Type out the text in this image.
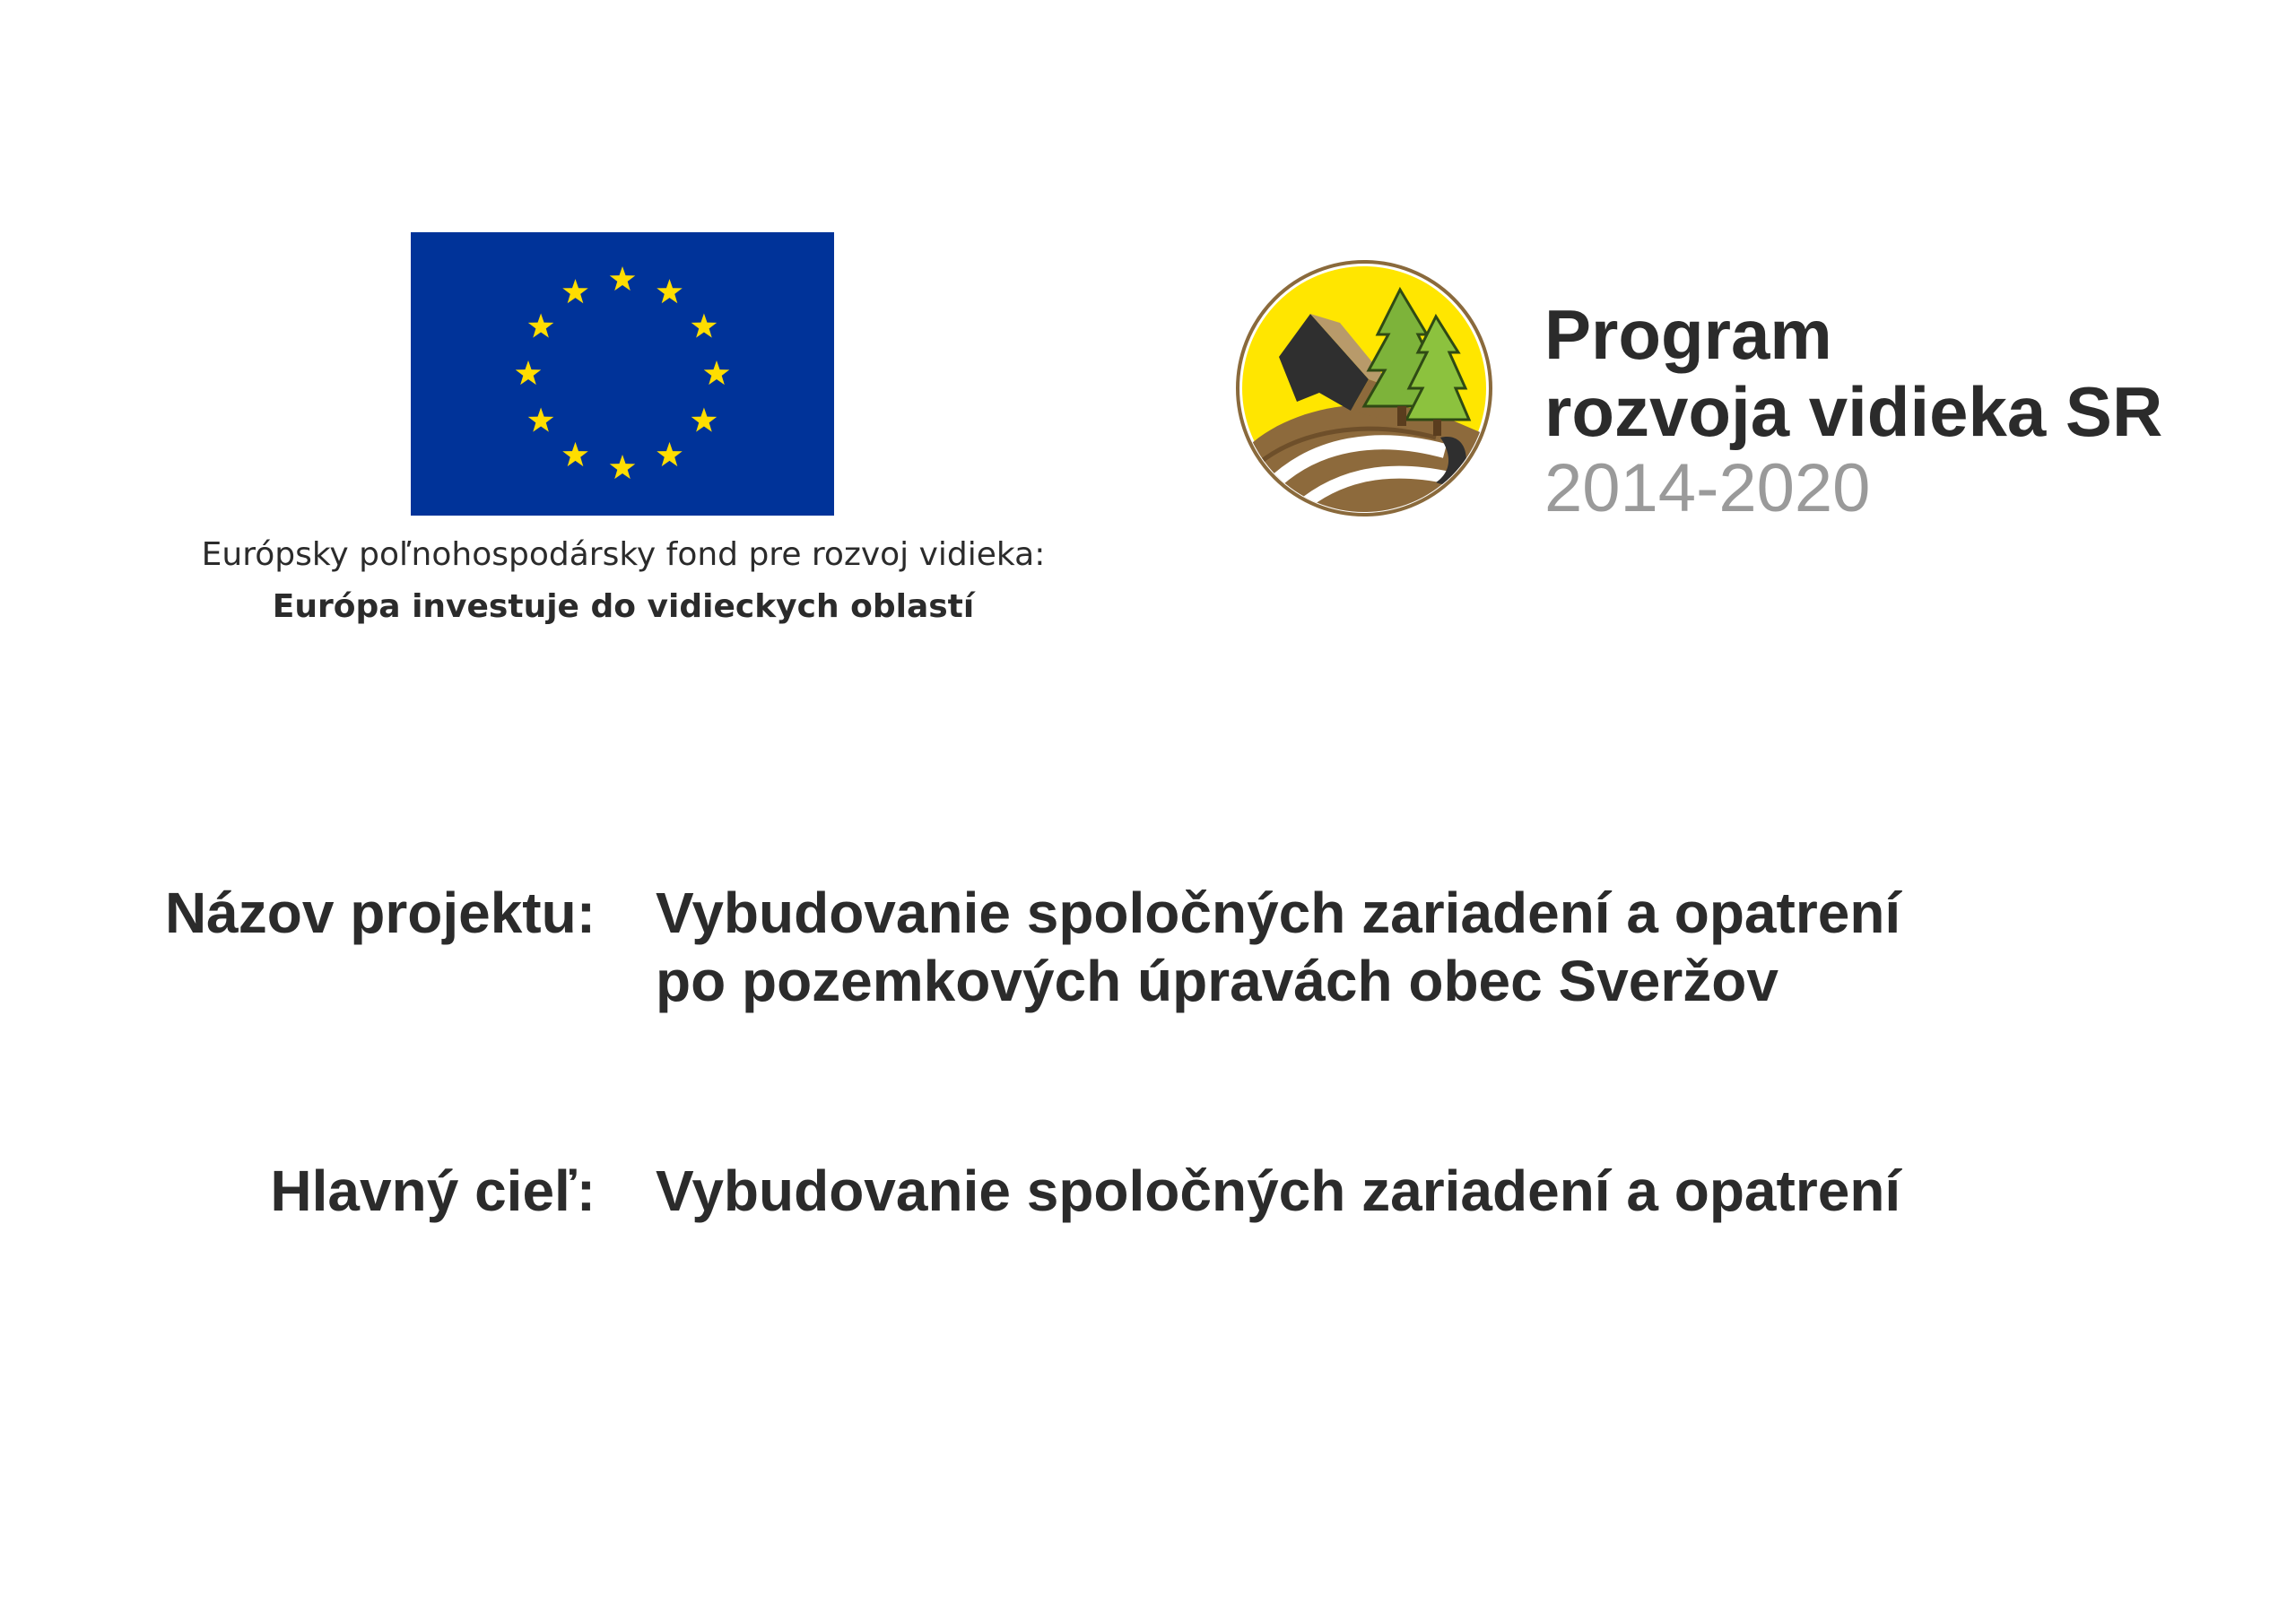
Európsky poľnohospodársky fond pre rozvoj vidieka:
Európa investuje do vidieckych oblastí
Program
rozvoja vidieka SR
2014-2020
Názov projektu: Vybudovanie spoločných zariadení a opatrení
po pozemkových úpravách obec Sveržov
Hlavný cieľ: Vybudovanie spoločných zariadení a opatrení
